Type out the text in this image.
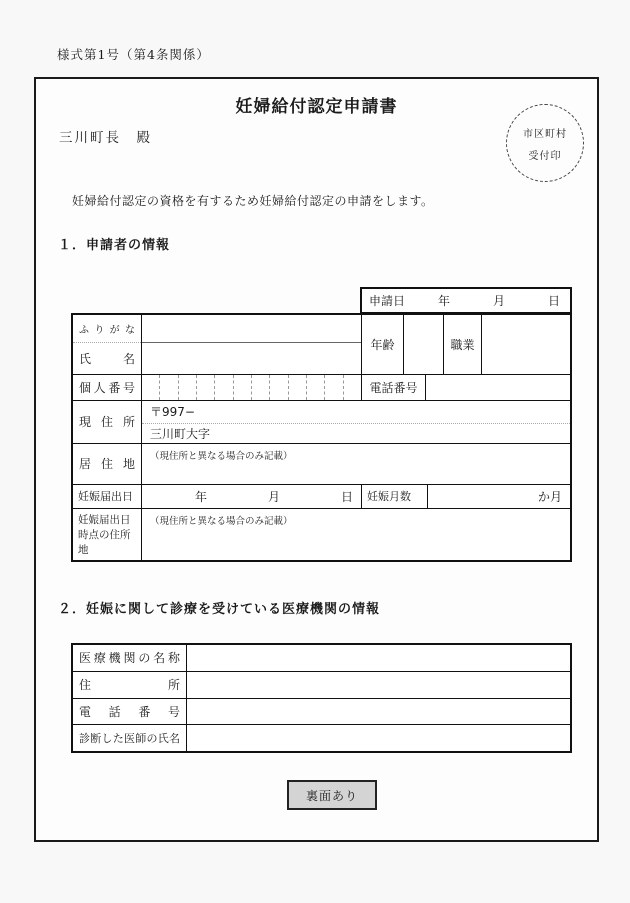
様式第1号（第4条関係）
妊婦給付認定申請書
三川町長　殿	市区町村
受付印
妊婦給付認定の資格を有するため妊婦給付認定の申請をします。
１．申請者の情報
申請日	年	月	日
ふりがな
氏名
年齢	職業
個人番号	電話番号
現住所
〒997−
三川町大字
居住地
（現住所と異なる場合のみ記載）
妊娠届出日	年	月	日	妊娠月数	か月
妊娠届出日
時点の住所地
（現住所と異なる場合のみ記載）
２．妊娠に関して診療を受けている医療機関の情報
医療機関の名称
住所
電話番号
診断した医師の氏名
裏面あり
